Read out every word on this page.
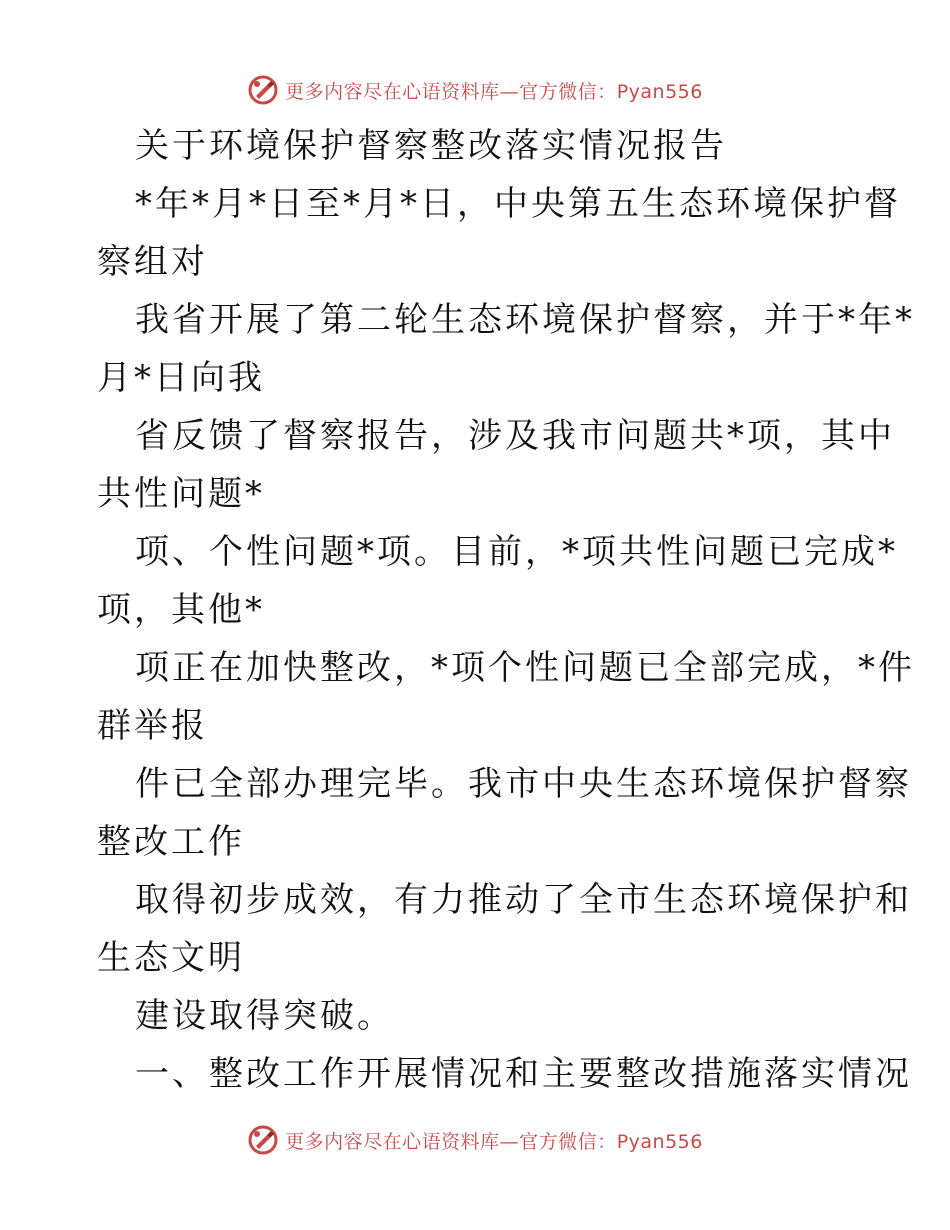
更多内容尽在心语资料库—官方微信：Pyan556
关于环境保护督察整改落实情况报告
*年*月*日至*月*日，中央第五生态环境保护督
察组对
我省开展了第二轮生态环境保护督察，并于*年*
月*日向我
省反馈了督察报告，涉及我市问题共*项，其中
共性问题*
项、个性问题*项。目前，*项共性问题已完成*
项，其他*
项正在加快整改，*项个性问题已全部完成，*件
群举报
件已全部办理完毕。我市中央生态环境保护督察
整改工作
取得初步成效，有力推动了全市生态环境保护和
生态文明
建设取得突破。
一、整改工作开展情况和主要整改措施落实情况
更多内容尽在心语资料库—官方微信：Pyan556
